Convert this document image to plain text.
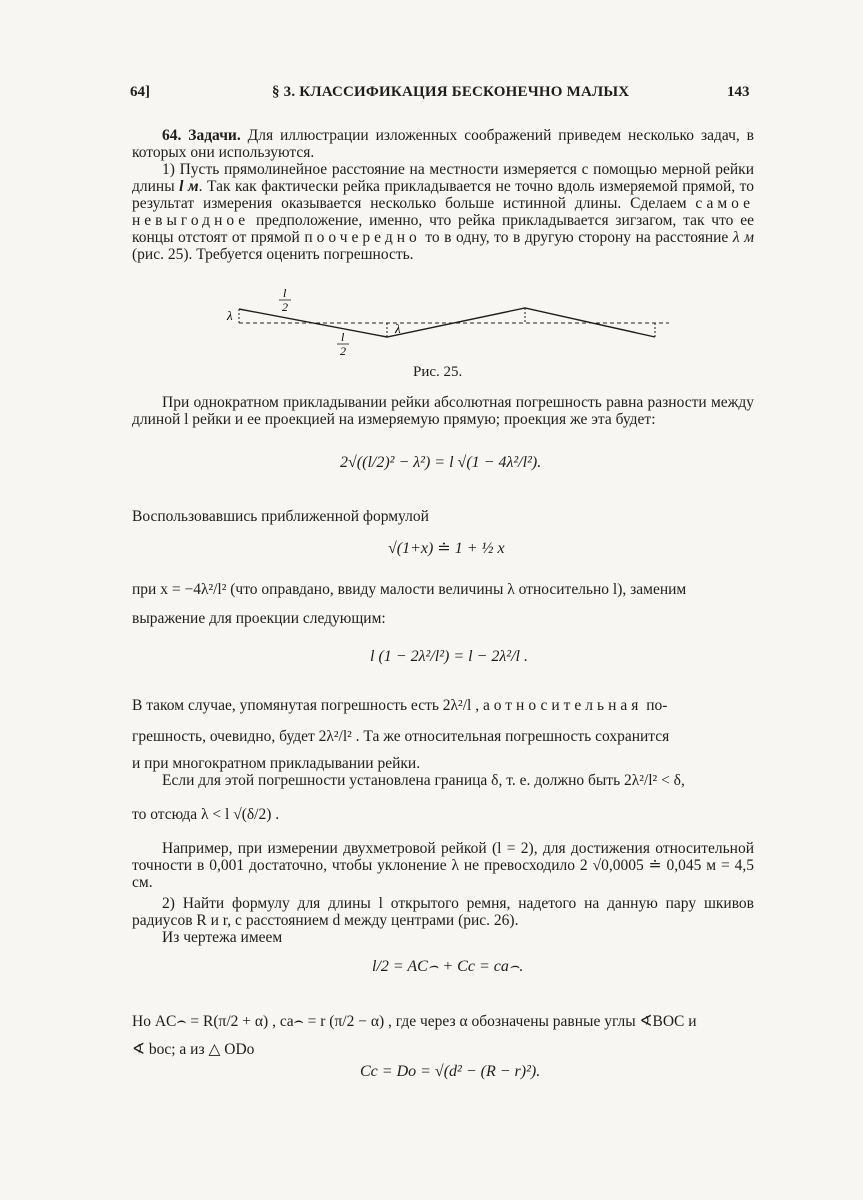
64]	§ 3. КЛАССИФИКАЦИЯ БЕСКОНЕЧНО МАЛЫХ	143
64. Задачи. Для иллюстрации изложенных соображений приведем несколько задач, в которых они используются.
1) Пусть прямолинейное расстояние на местности измеряется с помощью мерной рейки длины l м. Так как фактически рейка прикладывается не точно вдоль измеряемой прямой, то результат измерения оказывается несколько больше истинной длины. Сделаем самое невыгодное предположение, именно, что рейка прикладывается зигзагом, так что ее концы отстоят от прямой поочередно то в одну, то в другую сторону на расстояние λ м (рис. 25). Требуется оценить погрешность.
λ
λ
l
2
l
2
Рис. 25.
При однократном прикладывании рейки абсолютная погрешность равна разности между длиной l рейки и ее проекцией на измеряемую прямую; проекция же эта будет:
2√((l/2)² − λ²) = l √(1 − 4λ²/l²).
Воспользовавшись приближенной формулой
√(1+x) ≐ 1 + ½ x
при x = −4λ²/l² (что оправдано, ввиду малости величины λ относительно l), заменим
выражение для проекции следующим:
l (1 − 2λ²/l²) = l − 2λ²/l .
В таком случае, упомянутая погрешность есть 2λ²/l , а относительная по-
грешность, очевидно, будет 2λ²/l² . Та же относительная погрешность сохранится
и при многократном прикладывании рейки.
Если для этой погрешности установлена граница δ, т. е. должно быть 2λ²/l² < δ,
то отсюда λ < l √(δ/2) .
Например, при измерении двухметровой рейкой (l = 2), для достижения относительной точности в 0,001 достаточно, чтобы уклонение λ не превосходило 2 √0,0005 ≐ 0,045 м = 4,5 см.
2) Найти формулу для длины l открытого ремня, надетого на данную пару шкивов радиусов R и r, с расстоянием d между центрами (рис. 26).
Из чертежа имеем
l/2 = AC⌢ + Cc = ca⌢.
Но AC⌢ = R(π/2 + α) , ca⌢ = r (π/2 − α) , где через α обозначены равные углы ∢BOC и
∢ boc; а из △ ODo
Cc = Do = √(d² − (R − r)²).
